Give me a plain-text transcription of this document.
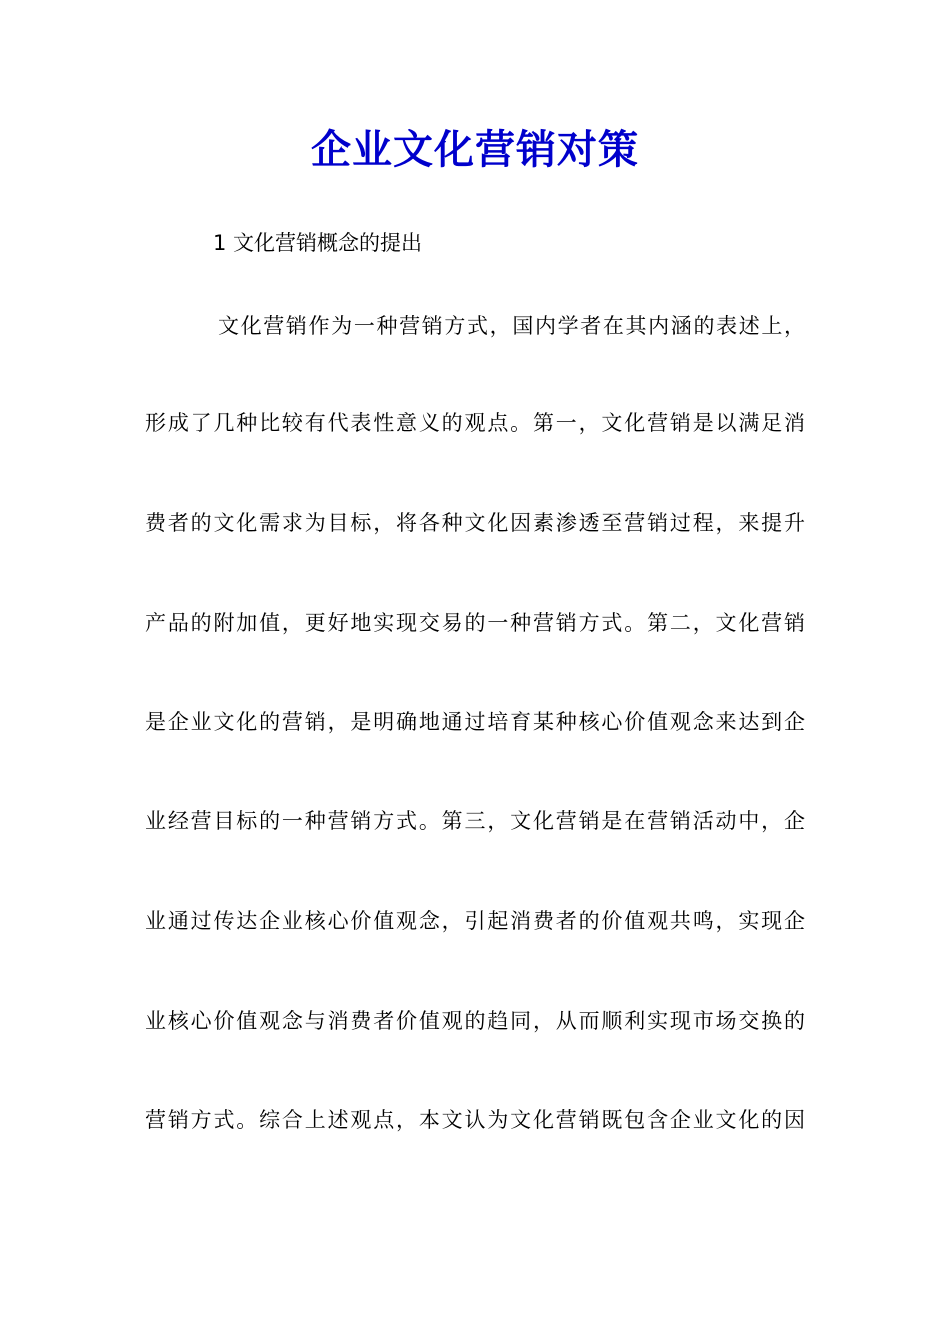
企业文化营销对策

1 文化营销概念的提出

文化营销作为一种营销方式，国内学者在其内涵的表述上，

形成了几种比较有代表性意义的观点。第一，文化营销是以满足消

费者的文化需求为目标，将各种文化因素渗透至营销过程，来提升

产品的附加值，更好地实现交易的一种营销方式。第二，文化营销

是企业文化的营销，是明确地通过培育某种核心价值观念来达到企

业经营目标的一种营销方式。第三，文化营销是在营销活动中，企

业通过传达企业核心价值观念，引起消费者的价值观共鸣，实现企

业核心价值观念与消费者价值观的趋同，从而顺利实现市场交换的

营销方式。综合上述观点，本文认为文化营销既包含企业文化的因
